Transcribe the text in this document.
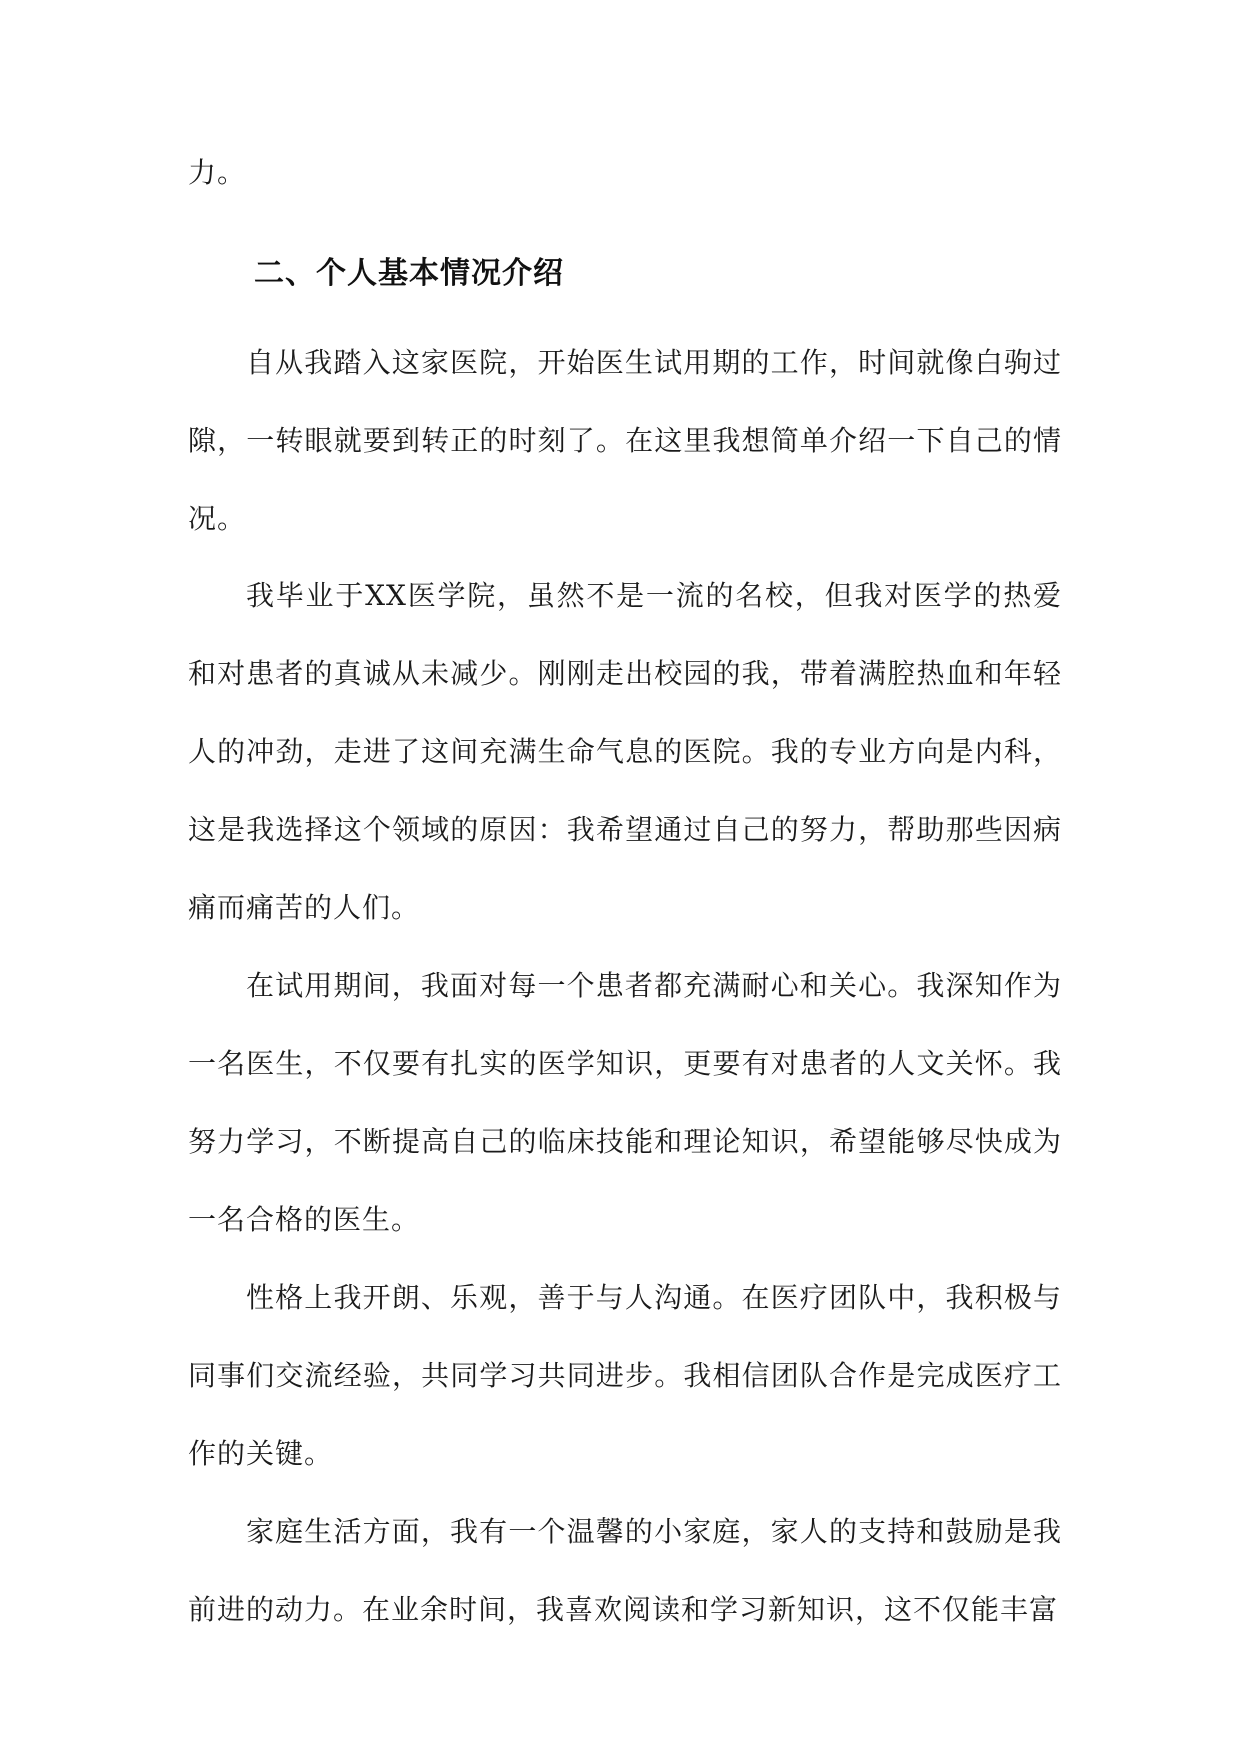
力。

二、个人基本情况介绍

自从我踏入这家医院，开始医生试用期的工作，时间就像白驹过隙，一转眼就要到转正的时刻了。在这里我想简单介绍一下自己的情况。

我毕业于XX医学院，虽然不是一流的名校，但我对医学的热爱和对患者的真诚从未减少。刚刚走出校园的我，带着满腔热血和年轻人的冲劲，走进了这间充满生命气息的医院。我的专业方向是内科，这是我选择这个领域的原因：我希望通过自己的努力，帮助那些因病痛而痛苦的人们。

在试用期间，我面对每一个患者都充满耐心和关心。我深知作为一名医生，不仅要有扎实的医学知识，更要有对患者的人文关怀。我努力学习，不断提高自己的临床技能和理论知识，希望能够尽快成为一名合格的医生。

性格上我开朗、乐观，善于与人沟通。在医疗团队中，我积极与同事们交流经验，共同学习共同进步。我相信团队合作是完成医疗工作的关键。

家庭生活方面，我有一个温馨的小家庭，家人的支持和鼓励是我前进的动力。在业余时间，我喜欢阅读和学习新知识，这不仅能丰富
